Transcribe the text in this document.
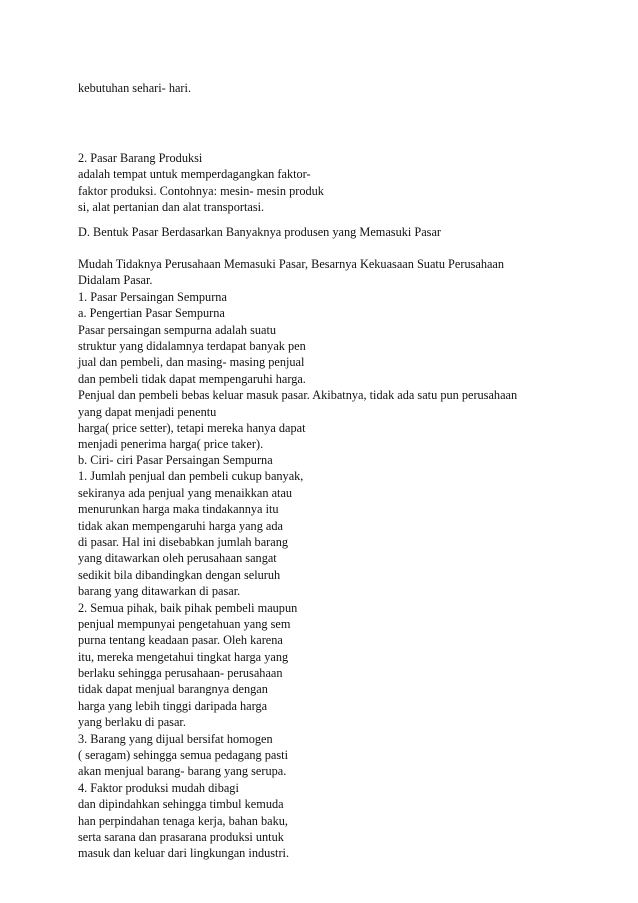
kebutuhan sehari- hari.
2. Pasar Barang Produksi
adalah tempat untuk memperdagangkan faktor-
faktor produksi. Contohnya: mesin- mesin produk
si, alat pertanian dan alat transportasi.
D. Bentuk Pasar Berdasarkan Banyaknya produsen yang Memasuki Pasar
Mudah Tidaknya Perusahaan Memasuki Pasar, Besarnya Kekuasaan Suatu Perusahaan
Didalam Pasar.
1. Pasar Persaingan Sempurna
a. Pengertian Pasar Sempurna
Pasar persaingan sempurna adalah suatu
struktur yang didalamnya terdapat banyak pen
jual dan pembeli, dan masing- masing penjual
dan pembeli tidak dapat mempengaruhi harga.
Penjual dan pembeli bebas keluar masuk pasar. Akibatnya, tidak ada satu pun perusahaan
yang dapat menjadi penentu
harga( price setter), tetapi mereka hanya dapat
menjadi penerima harga( price taker).
b. Ciri- ciri Pasar Persaingan Sempurna
1. Jumlah penjual dan pembeli cukup banyak,
sekiranya ada penjual yang menaikkan atau
menurunkan harga maka tindakannya itu
tidak akan mempengaruhi harga yang ada
di pasar. Hal ini disebabkan jumlah barang
yang ditawarkan oleh perusahaan sangat
sedikit bila dibandingkan dengan seluruh
barang yang ditawarkan di pasar.
2. Semua pihak, baik pihak pembeli maupun
penjual mempunyai pengetahuan yang sem
purna tentang keadaan pasar. Oleh karena
itu, mereka mengetahui tingkat harga yang
berlaku sehingga perusahaan- perusahaan
tidak dapat menjual barangnya dengan
harga yang lebih tinggi daripada harga
yang berlaku di pasar.
3. Barang yang dijual bersifat homogen
( seragam) sehingga semua pedagang pasti
akan menjual barang- barang yang serupa.
4. Faktor produksi mudah dibagi
dan dipindahkan sehingga timbul kemuda
han perpindahan tenaga kerja, bahan baku,
serta sarana dan prasarana produksi untuk
masuk dan keluar dari lingkungan industri.
